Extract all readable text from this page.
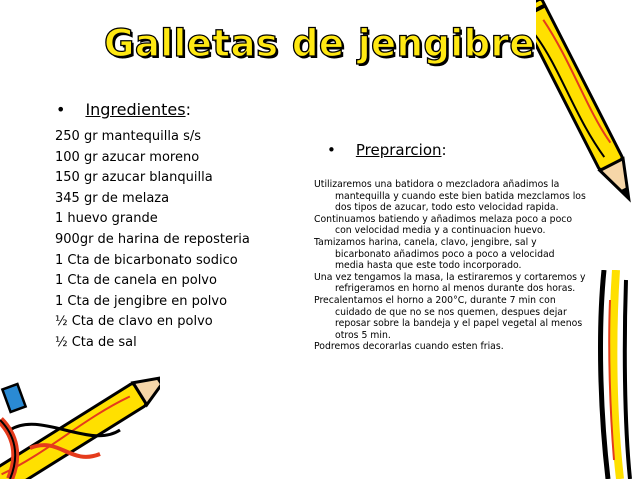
Galletas de jengibre
• Ingredientes:
250 gr mantequilla s/s
100 gr azucar moreno
150 gr azucar blanquilla
345 gr de melaza
1 huevo grande
900gr de harina de reposteria
1 Cta de bicarbonato sodico
1 Cta de canela en polvo
1 Cta de jengibre en polvo
½ Cta de clavo en polvo
½ Cta de sal
• Preprarcion:
Utilizaremos una batidora o mezcladora añadimos la mantequilla y cuando este bien batida mezclamos los dos tipos de azucar, todo esto velocidad rapida.
Continuamos batiendo y añadimos melaza poco a poco con velocidad media y a continuacion huevo.
Tamizamos harina, canela, clavo, jengibre, sal y bicarbonato añadimos poco a poco a velocidad media hasta que este todo incorporado.
Una vez tengamos la masa, la estiraremos y cortaremos y refrigeramos en horno al menos durante dos horas.
Precalentamos el horno a 200°C, durante 7 min con cuidado de que no se nos quemen, despues dejar reposar sobre la bandeja y el papel vegetal al menos otros 5 min.
Podremos decorarlas cuando esten frias.
